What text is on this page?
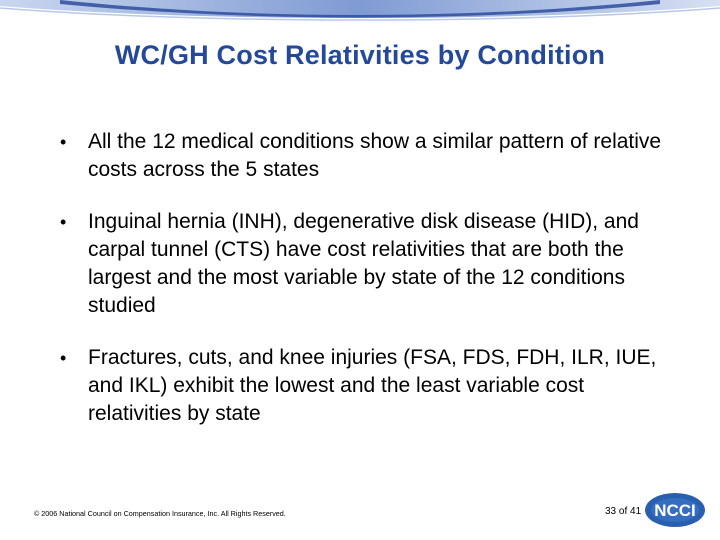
WC/GH Cost Relativities by Condition
• All the 12 medical conditions show a similar pattern of relative costs across the 5 states
• Inguinal hernia (INH), degenerative disk disease (HID), and carpal tunnel (CTS) have cost relativities that are both the largest and the most variable by state of the 12 conditions studied
• Fractures, cuts, and knee injuries (FSA, FDS, FDH, ILR, IUE, and IKL) exhibit the lowest and the least variable cost relativities by state
© 2006 National Council on Compensation Insurance, Inc. All Rights Reserved.	33 of 41 NCCI
